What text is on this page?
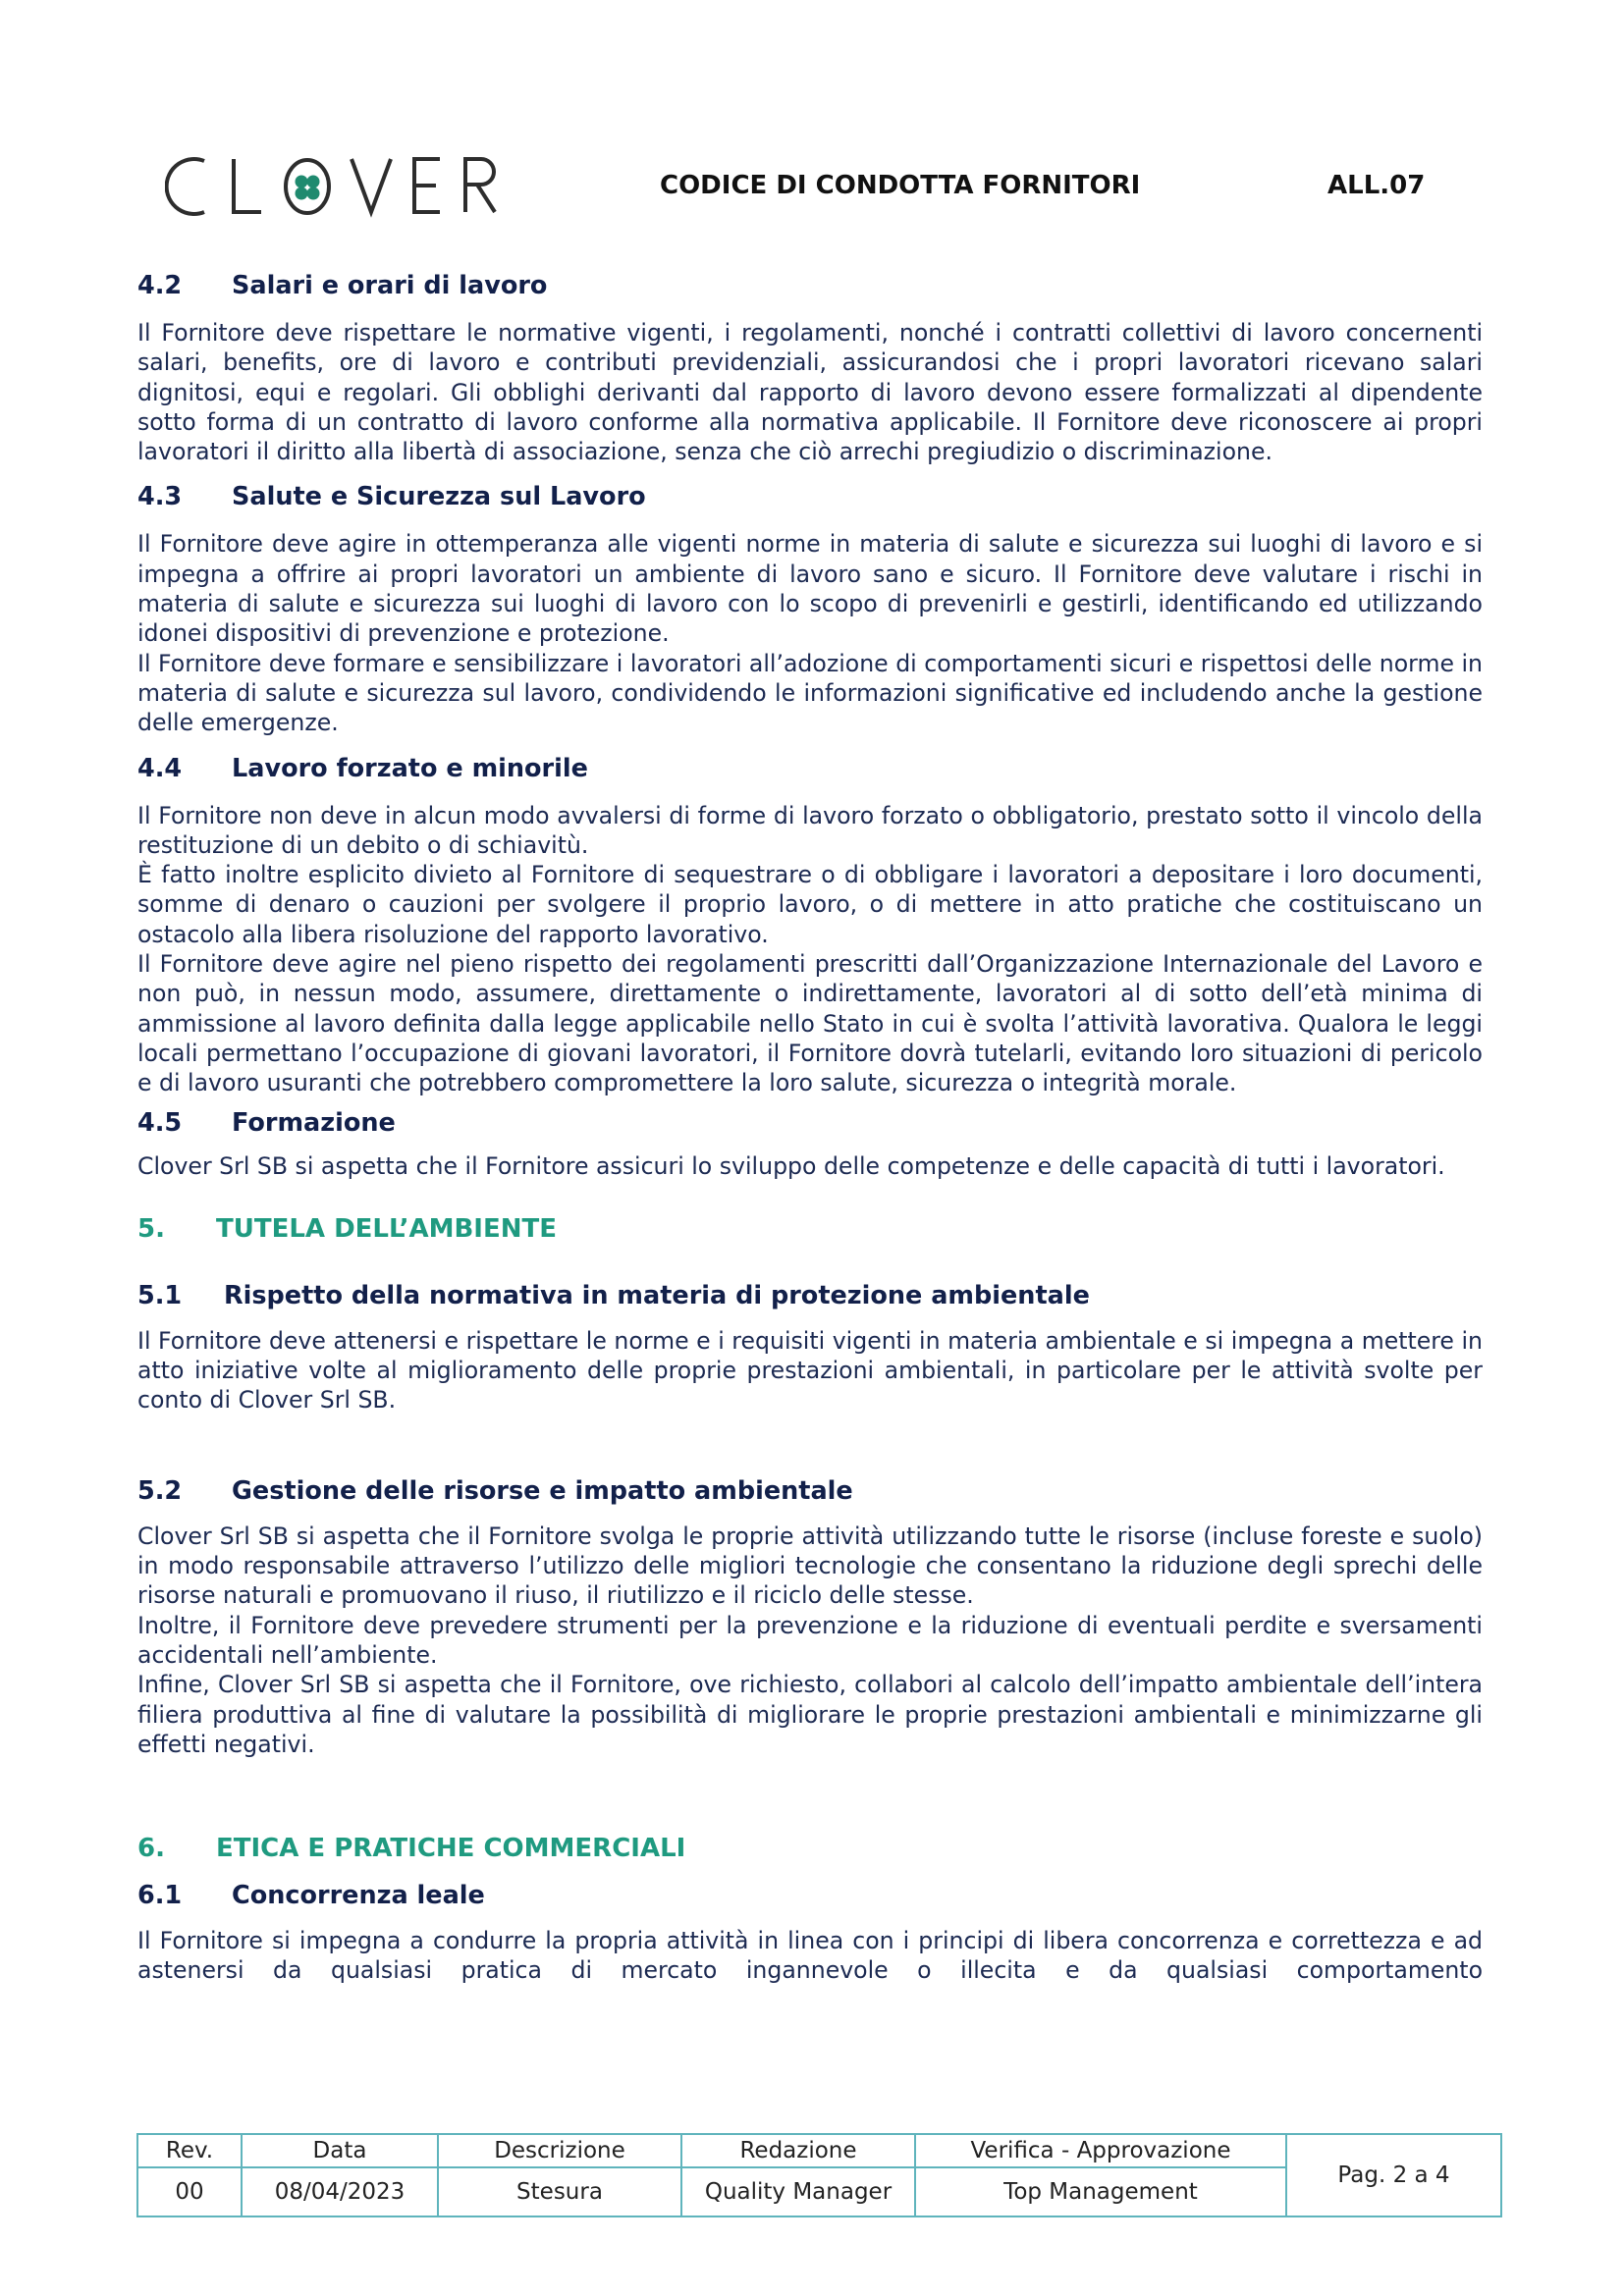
CODICE DI CONDOTTA FORNITORI	ALL.07
4.2 Salari e orari di lavoro

Il Fornitore deve rispettare le normative vigenti, i regolamenti, nonché i contratti collettivi di lavoro concernenti salari, benefits, ore di lavoro e contributi previdenziali, assicurandosi che i propri lavoratori ricevano salari dignitosi, equi e regolari. Gli obblighi derivanti dal rapporto di lavoro devono essere formalizzati al dipendente sotto forma di un contratto di lavoro conforme alla normativa applicabile. Il Fornitore deve riconoscere ai propri lavoratori il diritto alla libertà di associazione, senza che ciò arrechi pregiudizio o discriminazione.

4.3 Salute e Sicurezza sul Lavoro

Il Fornitore deve agire in ottemperanza alle vigenti norme in materia di salute e sicurezza sui luoghi di lavoro e si impegna a offrire ai propri lavoratori un ambiente di lavoro sano e sicuro. Il Fornitore deve valutare i rischi in materia di salute e sicurezza sui luoghi di lavoro con lo scopo di prevenirli e gestirli, identificando ed utilizzando idonei dispositivi di prevenzione e protezione.

Il Fornitore deve formare e sensibilizzare i lavoratori all’adozione di comportamenti sicuri e rispettosi delle norme in materia di salute e sicurezza sul lavoro, condividendo le informazioni significative ed includendo anche la gestione delle emergenze.

4.4 Lavoro forzato e minorile

Il Fornitore non deve in alcun modo avvalersi di forme di lavoro forzato o obbligatorio, prestato sotto il vincolo della restituzione di un debito o di schiavitù.

È fatto inoltre esplicito divieto al Fornitore di sequestrare o di obbligare i lavoratori a depositare i loro documenti, somme di denaro o cauzioni per svolgere il proprio lavoro, o di mettere in atto pratiche che costituiscano un ostacolo alla libera risoluzione del rapporto lavorativo.

Il Fornitore deve agire nel pieno rispetto dei regolamenti prescritti dall’Organizzazione Internazionale del Lavoro e non può, in nessun modo, assumere, direttamente o indirettamente, lavoratori al di sotto dell’età minima di ammissione al lavoro definita dalla legge applicabile nello Stato in cui è svolta l’attività lavorativa. Qualora le leggi locali permettano l’occupazione di giovani lavoratori, il Fornitore dovrà tutelarli, evitando loro situazioni di pericolo e di lavoro usuranti che potrebbero compromettere la loro salute, sicurezza o integrità morale.

4.5 Formazione

Clover Srl SB si aspetta che il Fornitore assicuri lo sviluppo delle competenze e delle capacità di tutti i lavoratori.

5. TUTELA DELL’AMBIENTE
5.1 Rispetto della normativa in materia di protezione ambientale

Il Fornitore deve attenersi e rispettare le norme e i requisiti vigenti in materia ambientale e si impegna a mettere in atto iniziative volte al miglioramento delle proprie prestazioni ambientali, in particolare per le attività svolte per conto di Clover Srl SB.

5.2 Gestione delle risorse e impatto ambientale

Clover Srl SB si aspetta che il Fornitore svolga le proprie attività utilizzando tutte le risorse (incluse foreste e suolo) in modo responsabile attraverso l’utilizzo delle migliori tecnologie che consentano la riduzione degli sprechi delle risorse naturali e promuovano il riuso, il riutilizzo e il riciclo delle stesse.

Inoltre, il Fornitore deve prevedere strumenti per la prevenzione e la riduzione di eventuali perdite e sversamenti accidentali nell’ambiente.

Infine, Clover Srl SB si aspetta che il Fornitore, ove richiesto, collabori al calcolo dell’impatto ambientale dell’intera filiera produttiva al fine di valutare la possibilità di migliorare le proprie prestazioni ambientali e minimizzarne gli effetti negativi.

6. ETICA E PRATICHE COMMERCIALI
6.1 Concorrenza leale

Il Fornitore si impegna a condurre la propria attività in linea con i principi di libera concorrenza e correttezza e ad astenersi da qualsiasi pratica di mercato ingannevole o illecita e da qualsiasi comportamento

Rev.	Data	Descrizione	Redazione	Verifica - Approvazione	Pag. 2 a 4
00	08/04/2023	Stesura	Quality Manager	Top Management	
